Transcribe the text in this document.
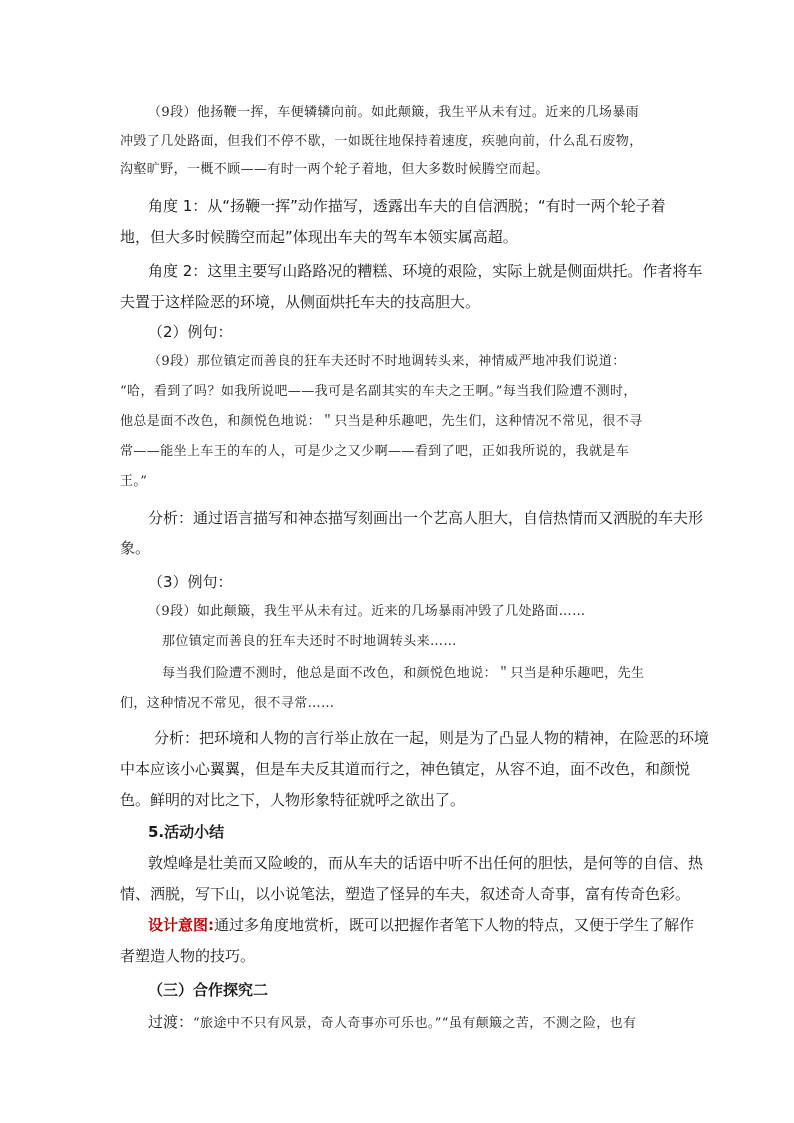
（9段）他扬鞭一挥，车便辚辚向前。如此颠簸，我生平从未有过。近来的几场暴雨
冲毁了几处路面，但我们不停不歇，一如既往地保持着速度，疾驰向前，什么乱石废物，
沟壑旷野，一概不顾——有时一两个轮子着地，但大多数时候腾空而起。
角度 1：从“扬鞭一挥”动作描写，透露出车夫的自信洒脱；“有时一两个轮子着
地，但大多时候腾空而起”体现出车夫的驾车本领实属高超。
角度 2：这里主要写山路路况的糟糕、环境的艰险，实际上就是侧面烘托。作者将车
夫置于这样险恶的环境，从侧面烘托车夫的技高胆大。
（2）例句：
（9段）那位镇定而善良的狂车夫还时不时地调转头来，神情威严地冲我们说道：
“哈，看到了吗？如我所说吧——我可是名副其实的车夫之王啊。”每当我们险遭不测时，
他总是面不改色，和颜悦色地说：＂只当是种乐趣吧，先生们，这种情况不常见，很不寻
常——能坐上车王的车的人，可是少之又少啊——看到了吧，正如我所说的，我就是车
王。”
分析：通过语言描写和神态描写刻画出一个艺高人胆大，自信热情而又洒脱的车夫形
象。
（3）例句：
（9段）如此颠簸，我生平从未有过。近来的几场暴雨冲毁了几处路面……
那位镇定而善良的狂车夫还时不时地调转头来……
每当我们险遭不测时，他总是面不改色，和颜悦色地说：＂只当是种乐趣吧，先生
们，这种情况不常见，很不寻常……
分析：把环境和人物的言行举止放在一起，则是为了凸显人物的精神，在险恶的环境
中本应该小心翼翼，但是车夫反其道而行之，神色镇定，从容不迫，面不改色，和颜悦
色。鲜明的对比之下，人物形象特征就呼之欲出了。
5.活动小结
敦煌峰是壮美而又险峻的，而从车夫的话语中听不出任何的胆怯，是何等的自信、热
情、洒脱，写下山，以小说笔法，塑造了怪异的车夫，叙述奇人奇事，富有传奇色彩。
设计意图:通过多角度地赏析，既可以把握作者笔下人物的特点，又便于学生了解作
者塑造人物的技巧。
（三）合作探究二
过渡：“旅途中不只有风景，奇人奇事亦可乐也。”“虽有颠簸之苦，不测之险，也有
